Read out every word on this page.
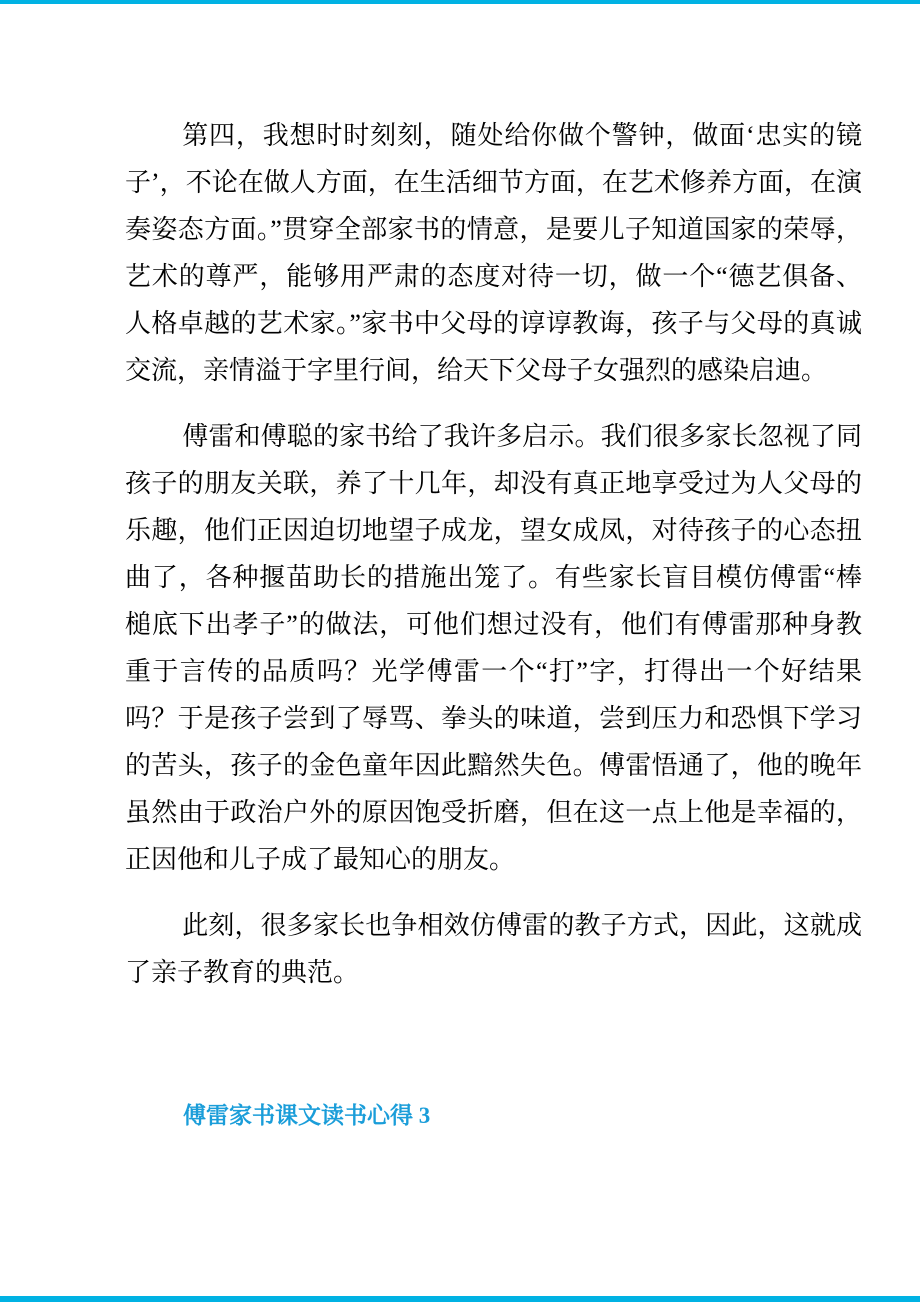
第四，我想时时刻刻，随处给你做个警钟，做面‘忠实的镜子’，不论在做人方面，在生活细节方面，在艺术修养方面，在演奏姿态方面。”贯穿全部家书的情意，是要儿子知道国家的荣辱，艺术的尊严，能够用严肃的态度对待一切，做一个“德艺俱备、人格卓越的艺术家。”家书中父母的谆谆教诲，孩子与父母的真诚交流，亲情溢于字里行间，给天下父母子女强烈的感染启迪。

傅雷和傅聪的家书给了我许多启示。我们很多家长忽视了同孩子的朋友关联，养了十几年，却没有真正地享受过为人父母的乐趣，他们正因迫切地望子成龙，望女成凤，对待孩子的心态扭曲了，各种揠苗助长的措施出笼了。有些家长盲目模仿傅雷“棒槌底下出孝子”的做法，可他们想过没有，他们有傅雷那种身教重于言传的品质吗？光学傅雷一个“打”字，打得出一个好结果吗？于是孩子尝到了辱骂、拳头的味道，尝到压力和恐惧下学习的苦头，孩子的金色童年因此黯然失色。傅雷悟通了，他的晚年虽然由于政治户外的原因饱受折磨，但在这一点上他是幸福的，正因他和儿子成了最知心的朋友。

此刻，很多家长也争相效仿傅雷的教子方式，因此，这就成了亲子教育的典范。

傅雷家书课文读书心得 3
